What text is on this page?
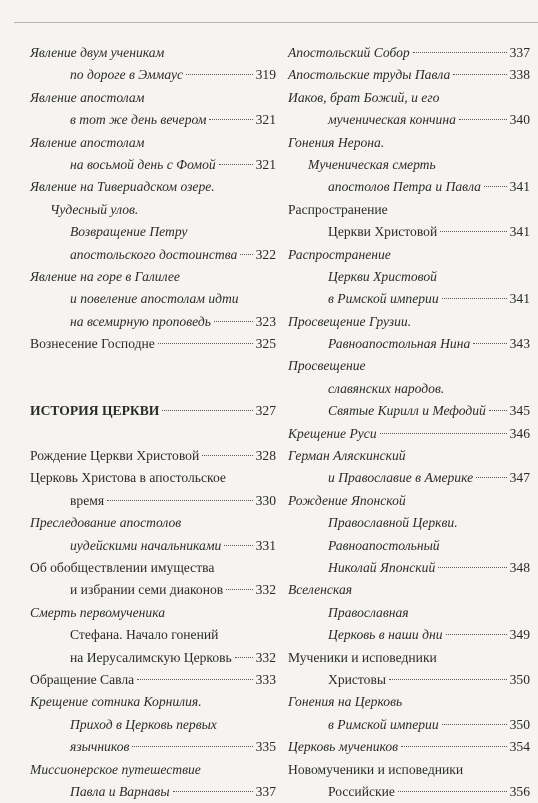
Явление двум ученикам
по дороге в Эммаус	319
Явление апостолам
в тот же день вечером	321
Явление апостолам
на восьмой день с Фомой	321
Явление на Тивериадском озере.
Чудесный улов.
Возвращение Петру
апостольского достоинства 322
Явление на горе в Галилее
и повеление апостолам идти
на всемирную проповедь	323
Вознесение Господне	325
ИСТОРИЯ ЦЕРКВИ	327
Рождение Церкви Христовой	328
Церковь Христова в апостольское
время	330
Преследование апостолов
иудейскими начальниками	331
Об обобществлении имущества
и избрании семи диаконов 332
Смерть первомученика
Стефана. Начало гонений
на Иерусалимскую Церковь 332
Обращение Савла	333
Крещение сотника Корнилия.
Приход в Церковь первых
язычников	335
Миссионерское путешествие
Павла и Варнавы	337
Апостольский Собор	337
Апостольские труды Павла	338
Иаков, брат Божий, и его
мученическая кончина	340
Гонения Нерона.
Мученическая смерть
апостолов Петра и Павла 341
Распространение
Церкви Христовой	341
Распространение
Церкви Христовой
в Римской империи	341
Просвещение Грузии.
Равноапостольная Нина	343
Просвещение
славянских народов.
Святые Кирилл и Мефодий 345
Крещение Руси	346
Герман Аляскинский
и Православие в Америке	347
Рождение Японской
Православной Церкви.
Равноапостольный
Николай Японский	348
Вселенская
Православная
Церковь в наши дни	349
Мученики и исповедники
Христовы	350
Гонения на Церковь
в Римской империи	350
Церковь мучеников	354
Новомученики и исповедники
Российские	356
